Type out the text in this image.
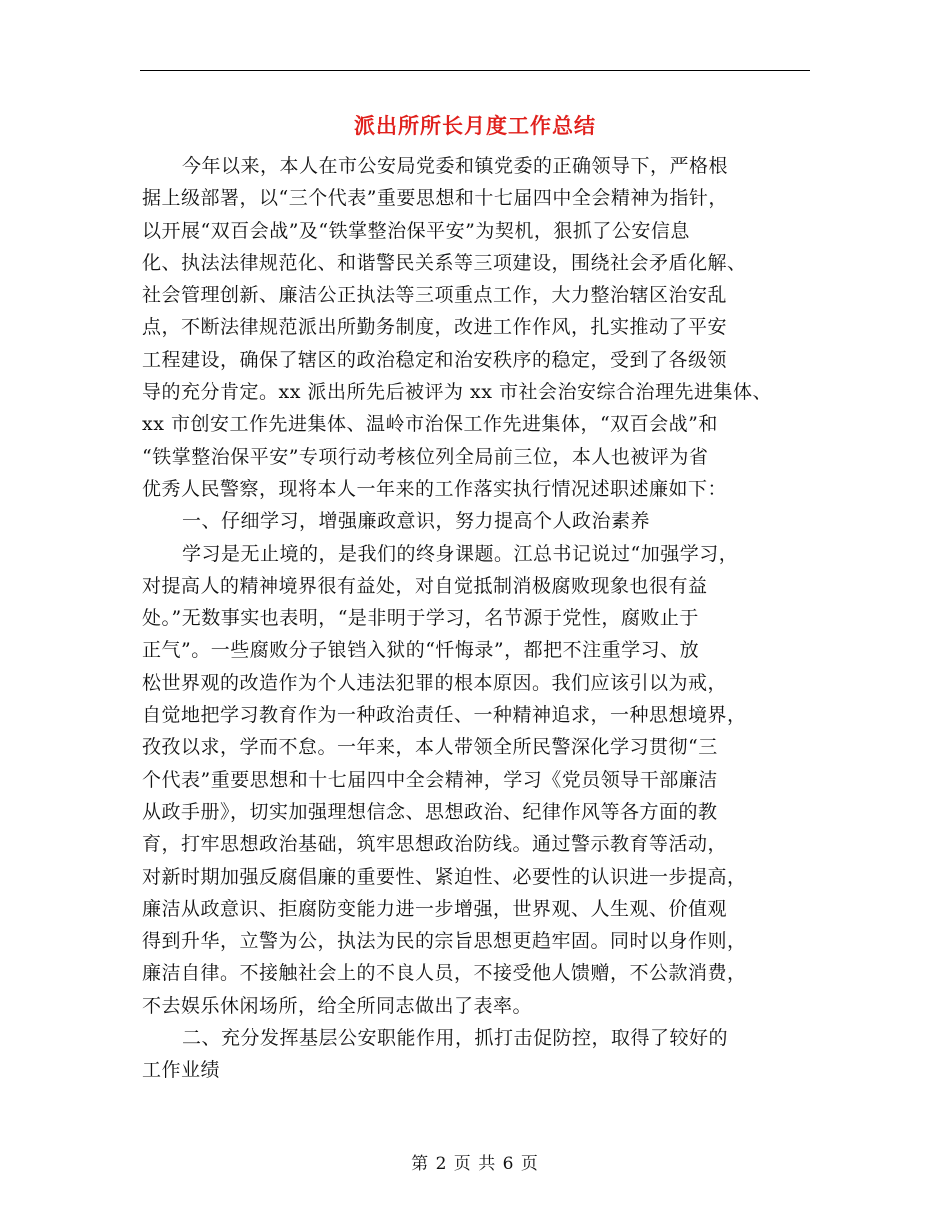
派出所所长月度工作总结
今年以来，本人在市公安局党委和镇党委的正确领导下，严格根
据上级部署，以“三个代表”重要思想和十七届四中全会精神为指针，
以开展“双百会战”及“铁掌整治保平安”为契机，狠抓了公安信息
化、执法法律规范化、和谐警民关系等三项建设，围绕社会矛盾化解、
社会管理创新、廉洁公正执法等三项重点工作，大力整治辖区治安乱
点，不断法律规范派出所勤务制度，改进工作作风，扎实推动了平安
工程建设，确保了辖区的政治稳定和治安秩序的稳定，受到了各级领
导的充分肯定。xx 派出所先后被评为 xx 市社会治安综合治理先进集体、
xx 市创安工作先进集体、温岭市治保工作先进集体，“双百会战”和
“铁掌整治保平安”专项行动考核位列全局前三位，本人也被评为省
优秀人民警察，现将本人一年来的工作落实执行情况述职述廉如下：
一、仔细学习，增强廉政意识，努力提高个人政治素养
学习是无止境的，是我们的终身课题。江总书记说过“加强学习，
对提高人的精神境界很有益处，对自觉抵制消极腐败现象也很有益
处。”无数事实也表明，“是非明于学习，名节源于党性，腐败止于
正气”。一些腐败分子锒铛入狱的“忏悔录”，都把不注重学习、放
松世界观的改造作为个人违法犯罪的根本原因。我们应该引以为戒，
自觉地把学习教育作为一种政治责任、一种精神追求，一种思想境界，
孜孜以求，学而不怠。一年来，本人带领全所民警深化学习贯彻“三
个代表”重要思想和十七届四中全会精神，学习《党员领导干部廉洁
从政手册》，切实加强理想信念、思想政治、纪律作风等各方面的教
育，打牢思想政治基础，筑牢思想政治防线。通过警示教育等活动，
对新时期加强反腐倡廉的重要性、紧迫性、必要性的认识进一步提高，
廉洁从政意识、拒腐防变能力进一步增强，世界观、人生观、价值观
得到升华，立警为公，执法为民的宗旨思想更趋牢固。同时以身作则，
廉洁自律。不接触社会上的不良人员，不接受他人馈赠，不公款消费，
不去娱乐休闲场所，给全所同志做出了表率。
二、充分发挥基层公安职能作用，抓打击促防控，取得了较好的
工作业绩
第 2 页 共 6 页
